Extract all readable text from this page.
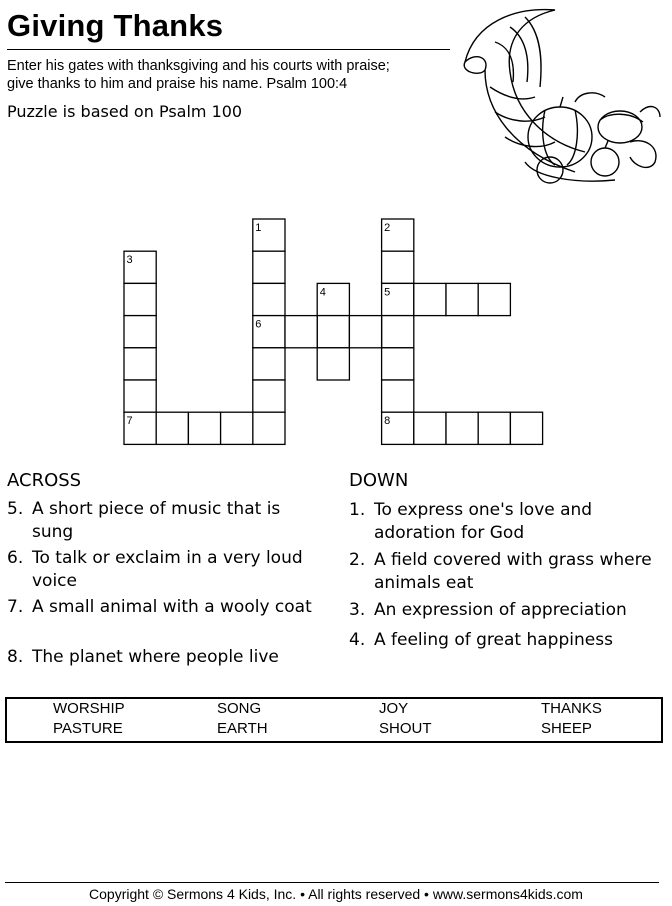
Giving Thanks
Enter his gates with thanksgiving and his courts with praise;
give thanks to him and praise his name. Psalm 100:4
Puzzle is based on Psalm 100
1	2
3
4	5
6
7	8
ACROSS	DOWN
5. A short piece of music that is sung
6. To talk or exclaim in a very loud voice
7. A small animal with a wooly coat
8. The planet where people live
1. To express one's love and adoration for God
2. A field covered with grass where animals eat
3. An expression of appreciation
4. A feeling of great happiness
WORSHIP	SONG	JOY	THANKS
PASTURE	EARTH	SHOUT	SHEEP
Copyright © Sermons 4 Kids, Inc. • All rights reserved • www.sermons4kids.com
